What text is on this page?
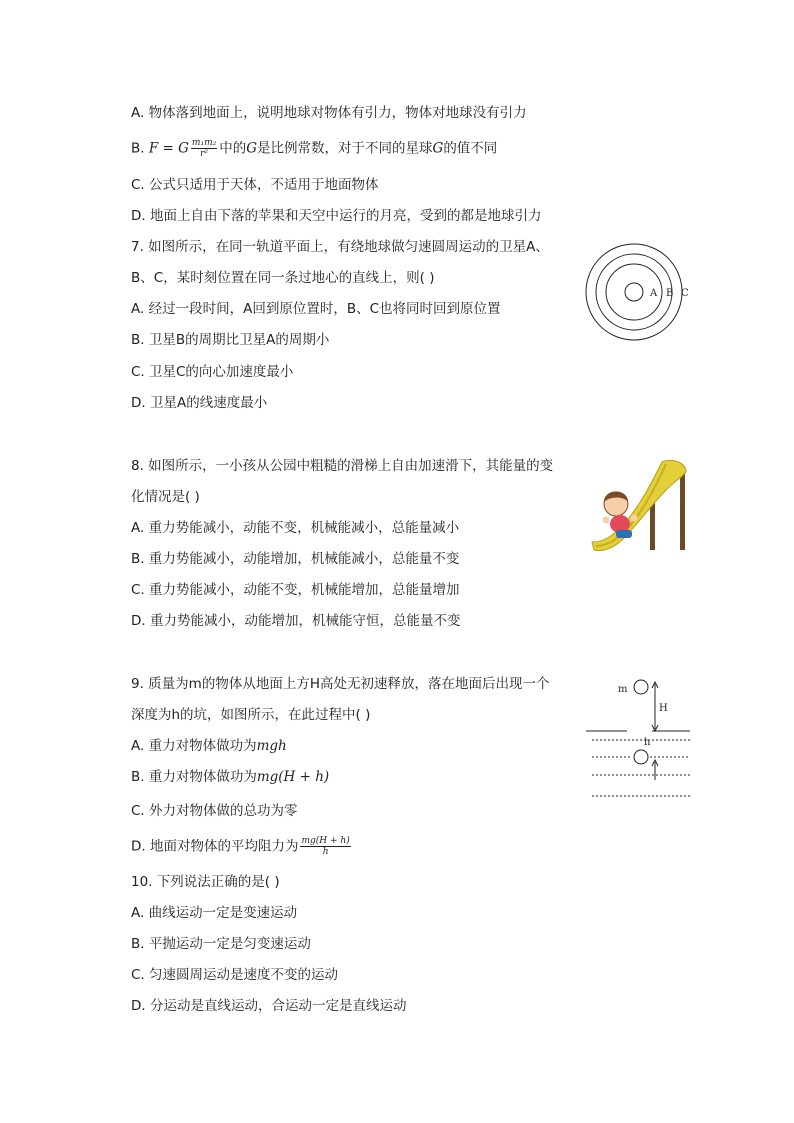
A. 物体落到地面上，说明地球对物体有引力，物体对地球没有引力
B. F = G $\frac{\text{m₁m₂}}{\text{r²}}$ 中的G是比例常数，对于不同的星球G的值不同
C. 公式只适用于天体，不适用于地面物体
D. 地面上自由下落的苹果和天空中运行的月亮，受到的都是地球引力
7. 如图所示，在同一轨道平面上，有绕地球做匀速圆周运动的卫星A、
B、C，某时刻位置在同一条过地心的直线上，则( )
A. 经过一段时间，A回到原位置时，B、C也将同时回到原位置
B. 卫星B的周期比卫星A的周期小
C. 卫星C的向心加速度最小
D. 卫星A的线速度最小
A B C
8. 如图所示，一小孩从公园中粗糙的滑梯上自由加速滑下，其能量的变
化情况是( )
A. 重力势能减小，动能不变，机械能减小，总能量减小
B. 重力势能减小，动能增加，机械能减小，总能量不变
C. 重力势能减小，动能不变，机械能增加，总能量增加
D. 重力势能减小，动能增加，机械能守恒，总能量不变
9. 质量为m的物体从地面上方H高处无初速释放，落在地面后出现一个
深度为h的坑，如图所示，在此过程中( )
A. 重力对物体做功为mgh
B. 重力对物体做功为mg(H + h)
C. 外力对物体做的总功为零
D. 地面对物体的平均阻力为 $\frac{mg(H + h)}{h}$
m
H
h
10. 下列说法正确的是( )
A. 曲线运动一定是变速运动
B. 平抛运动一定是匀变速运动
C. 匀速圆周运动是速度不变的运动
D. 分运动是直线运动，合运动一定是直线运动
